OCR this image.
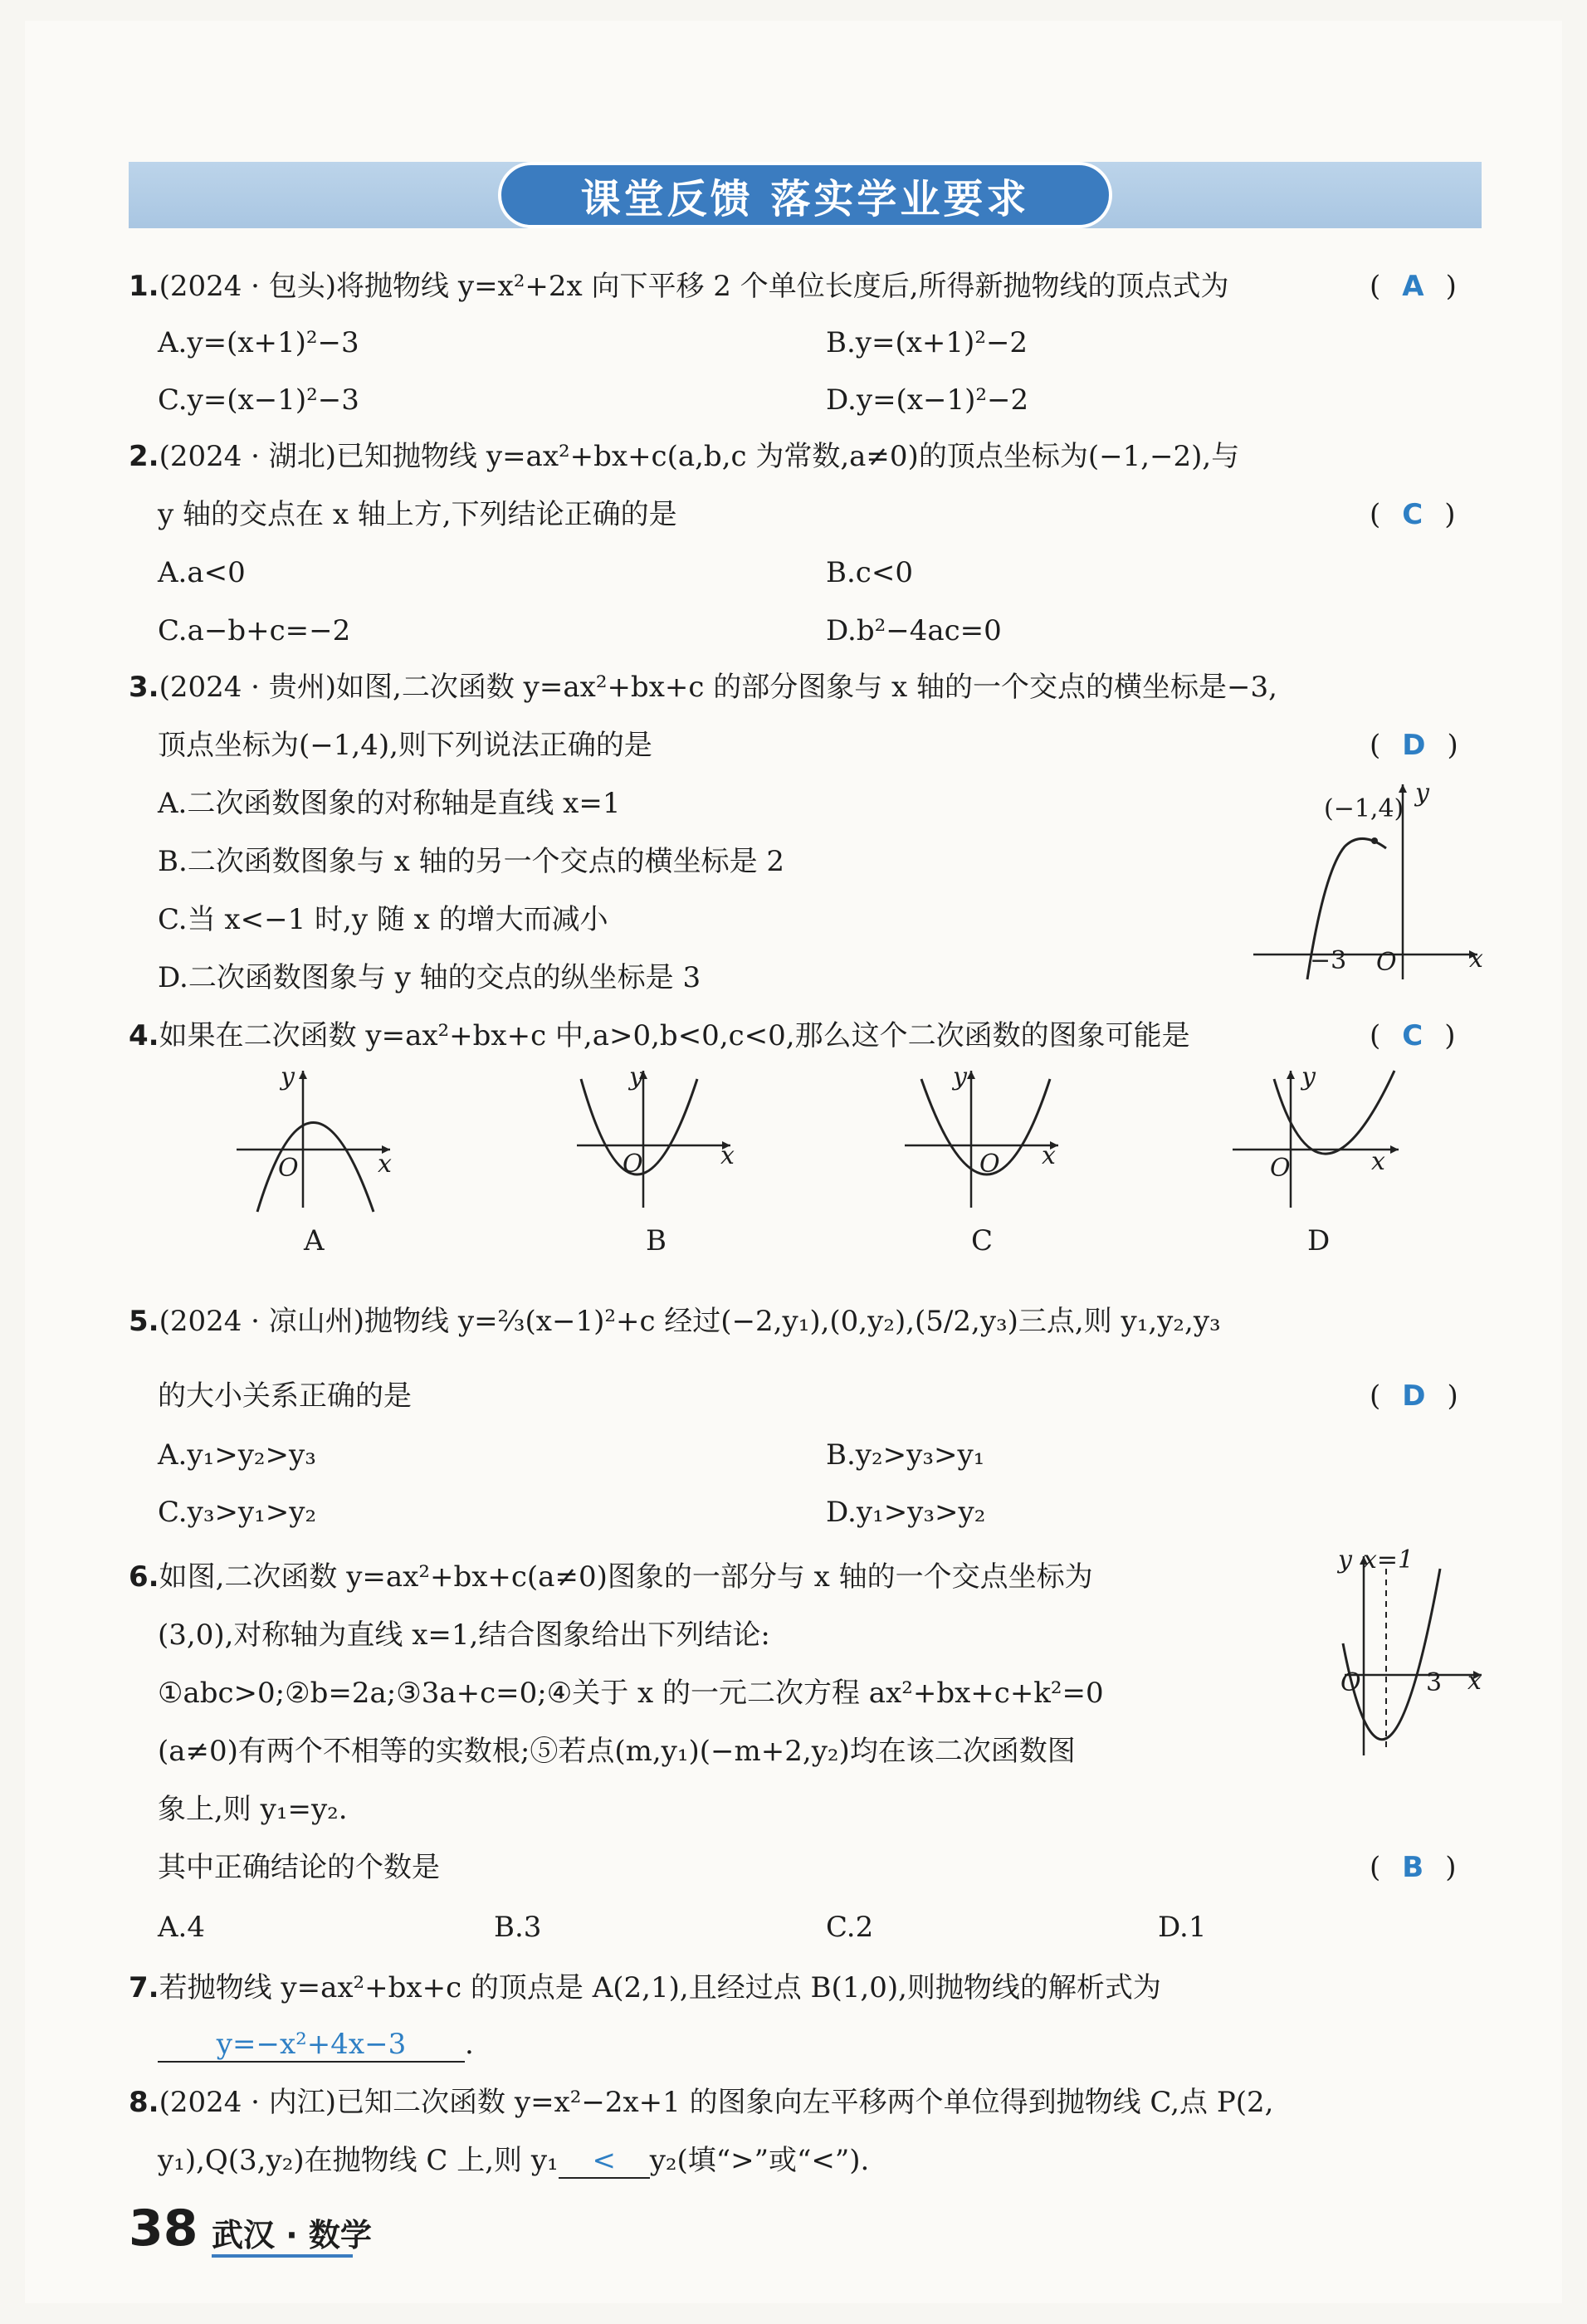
课堂反馈 落实学业要求
1.(2024 · 包头)将抛物线 y=x²+2x 向下平移 2 个单位长度后,所得新抛物线的顶点式为	( A )
A.y=(x+1)²−3	B.y=(x+1)²−2
C.y=(x−1)²−3	D.y=(x−1)²−2
2.(2024 · 湖北)已知抛物线 y=ax²+bx+c(a,b,c 为常数,a≠0)的顶点坐标为(−1,−2),与
y 轴的交点在 x 轴上方,下列结论正确的是	( C )
A.a<0	B.c<0
C.a−b+c=−2	D.b²−4ac=0
3.(2024 · 贵州)如图,二次函数 y=ax²+bx+c 的部分图象与 x 轴的一个交点的横坐标是−3,
顶点坐标为(−1,4),则下列说法正确的是	( D )
A.二次函数图象的对称轴是直线 x=1
B.二次函数图象与 x 轴的另一个交点的横坐标是 2
C.当 x<−1 时,y 随 x 的增大而减小
D.二次函数图象与 y 轴的交点的纵坐标是 3
(−1,4)
y
x
−3 O
4.如果在二次函数 y=ax²+bx+c 中,a>0,b<0,c<0,那么这个二次函数的图象可能是	( C )
y
x
O
A
y
x
O
B
y
x
O
C
y
x
O
D
5.(2024 · 凉山州)抛物线 y=⅔(x−1)²+c 经过(−2,y₁),(0,y₂),(5/2,y₃)三点,则 y₁,y₂,y₃
的大小关系正确的是	( D )
A.y₁>y₂>y₃	B.y₂>y₃>y₁
C.y₃>y₁>y₂	D.y₁>y₃>y₂
6.如图,二次函数 y=ax²+bx+c(a≠0)图象的一部分与 x 轴的一个交点坐标为
(3,0),对称轴为直线 x=1,结合图象给出下列结论:
①abc>0;②b=2a;③3a+c=0;④关于 x 的一元二次方程 ax²+bx+c+k²=0
(a≠0)有两个不相等的实数根;⑤若点(m,y₁)(−m+2,y₂)均在该二次函数图
象上,则 y₁=y₂.
其中正确结论的个数是	( B )
A.4	B.3	C.2	D.1
y x=1
O	3 x
7.若抛物线 y=ax²+bx+c 的顶点是 A(2,1),且经过点 B(1,0),则抛物线的解析式为
y=−x²+4x−3 .
8.(2024 · 内江)已知二次函数 y=x²−2x+1 的图象向左平移两个单位得到抛物线 C,点 P(2,
y₁),Q(3,y₂)在抛物线 C 上,则 y₁ < y₂(填“>”或“<”).
38 武汉 · 数学
